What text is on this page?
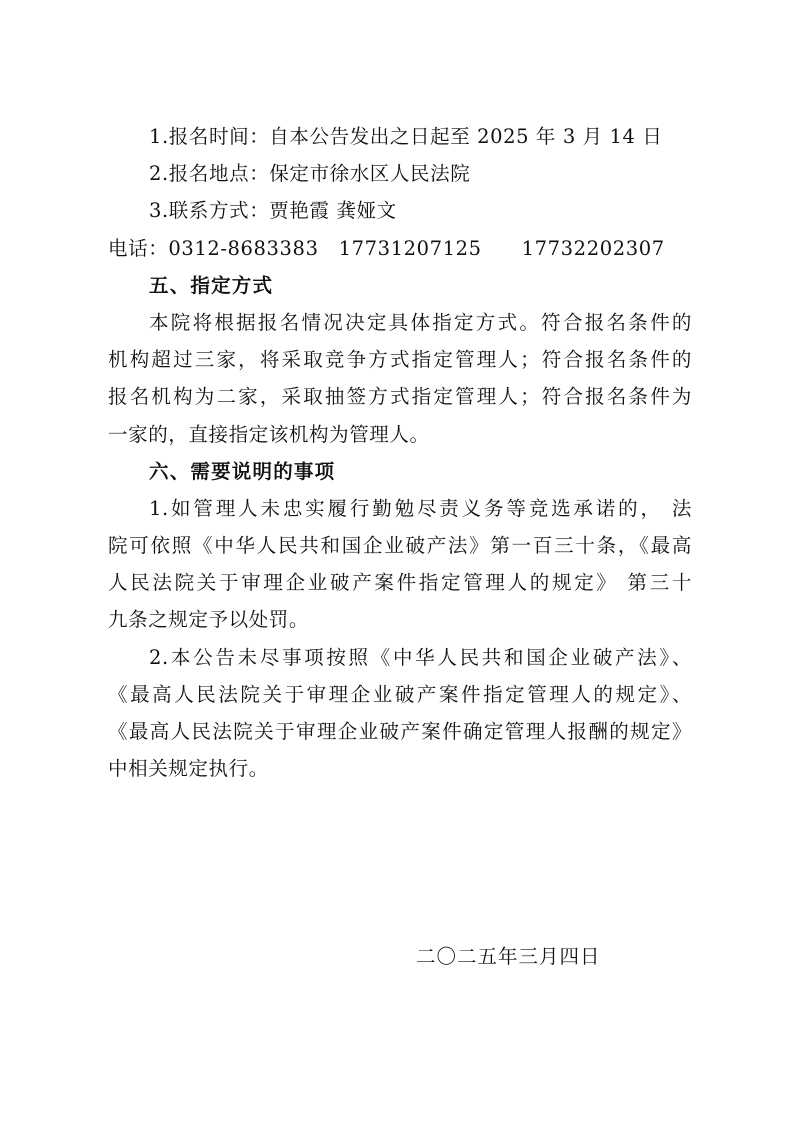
1.报名时间：自本公告发出之日起至 2025 年 3 月 14 日
2.报名地点：保定市徐水区人民法院
3.联系方式：贾艳霞 龚娅文
电话：0312-8683383 17731207125 17732202307
五、指定方式
本院将根据报名情况决定具体指定方式。符合报名条件的
机构超过三家，将采取竞争方式指定管理人；符合报名条件的
报名机构为二家，采取抽签方式指定管理人；符合报名条件为
一家的，直接指定该机构为管理人。
六、需要说明的事项
1.如管理人未忠实履行勤勉尽责义务等竞选承诺的， 法
院可依照《中华人民共和国企业破产法》第一百三十条，《最高
人民法院关于审理企业破产案件指定管理人的规定》 第三十
九条之规定予以处罚。
2.本公告未尽事项按照《中华人民共和国企业破产法》、
《最高人民法院关于审理企业破产案件指定管理人的规定》、
《最高人民法院关于审理企业破产案件确定管理人报酬的规定》
中相关规定执行。
二〇二五年三月四日
